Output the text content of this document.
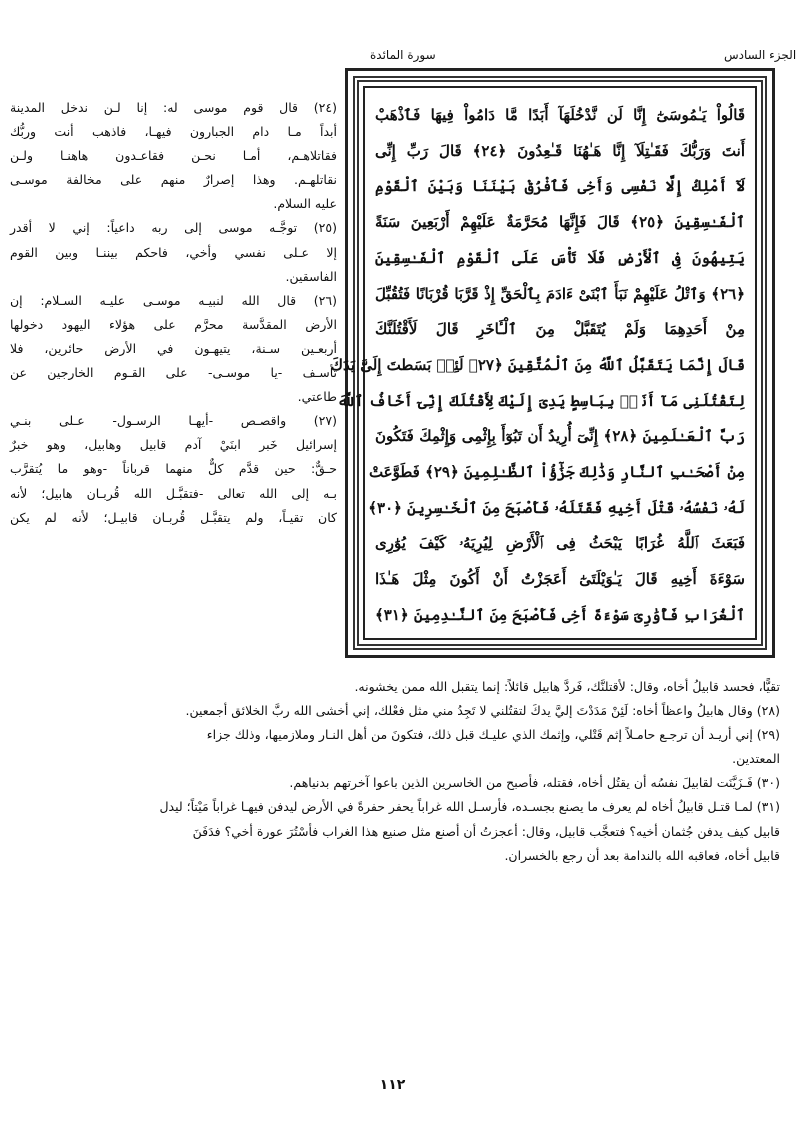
الجزء السادس
سورة المائدة
قَالُواْ يَـٰمُوسَىٰٓ إِنَّا لَن نَّدْخُلَهَآ أَبَدًا مَّا دَامُواْ فِيهَا فَٱذْهَبْ
أَنتَ وَرَبُّكَ فَقَـٰتِلَآ إِنَّا هَـٰهُنَا قَـٰعِدُونَ ﴿٢٤﴾ قَالَ رَبِّ إِنِّى
لَآ أَمْلِكُ إِلَّا نَفْسِى وَأَخِى فَٱفْرُقْ بَيْنَنَا وَبَيْنَ ٱلْقَوْمِ
ٱلْفَـٰسِقِينَ ﴿٢٥﴾ قَالَ فَإِنَّهَا مُحَرَّمَةٌ عَلَيْهِمْ أَرْبَعِينَ سَنَةً
يَتِيهُونَ فِى ٱلْأَرْضِ فَلَا تَأْسَ عَلَى ٱلْقَوْمِ ٱلْفَـٰسِقِينَ
﴿٢٦﴾ وَٱتْلُ عَلَيْهِمْ نَبَأَ ٱبْنَىْ ءَادَمَ بِٱلْحَقِّ إِذْ قَرَّبَا قُرْبَانًا فَتُقُبِّلَ
مِنْ أَحَدِهِمَا وَلَمْ يُتَقَبَّلْ مِنَ ٱلْـَٔاخَرِ قَالَ لَأَقْتُلَنَّكَ
قَالَ إِنَّمَا يَتَقَبَّلُ ٱللَّهُ مِنَ ٱلْمُتَّقِينَ ﴿٢٧﴾ لَئِنۢ بَسَطتَ إِلَىَّ يَدَكَ
لِتَقْتُلَنِى مَآ أَنَا۠ بِبَاسِطٍ يَدِىَ إِلَيْكَ لِأَقْتُلَكَ إِنِّىٓ أَخَافُ ٱللَّهَ
رَبَّ ٱلْعَـٰلَمِينَ ﴿٢٨﴾ إِنِّىٓ أُرِيدُ أَن تَبُوٓأَ بِإِثْمِى وَإِثْمِكَ فَتَكُونَ
مِنْ أَصْحَـٰبِ ٱلنَّارِ وَذَٰلِكَ جَزَٰٓؤُاْ ٱلظَّـٰلِمِينَ ﴿٢٩﴾ فَطَوَّعَتْ
لَهُۥ نَفْسُهُۥ قَتْلَ أَخِيهِ فَقَتَلَهُۥ فَأَصْبَحَ مِنَ ٱلْخَـٰسِرِينَ ﴿٣٠﴾
فَبَعَثَ ٱللَّهُ غُرَابًا يَبْحَثُ فِى ٱلْأَرْضِ لِيُرِيَهُۥ كَيْفَ يُوَٰرِى
سَوْءَةَ أَخِيهِ قَالَ يَـٰوَيْلَتَىٰٓ أَعَجَزْتُ أَنْ أَكُونَ مِثْلَ هَـٰذَا
ٱلْغُرَابِ فَأُوَٰرِىَ سَوْءَةَ أَخِى فَأَصْبَحَ مِنَ ٱلنَّـٰدِمِينَ ﴿٣١﴾
(٢٤) قال قوم موسى له: إنا لـن ندخل المدينة
أبداً مـا دام الجبارون فيهـا، فاذهب أنت وربُّك
فقاتلاهـم، أمـا نحـن فقاعـدون هاهنـا ولـن
نقاتلهـم. وهذا إصرارٌ منهم على مخالفة موسـى
عليه السلام.
(٢٥) توجَّـه موسى إلى ربه داعياً: إني لا أقدر
إلا عـلى نفسي وأخي، فاحكم بيننـا وبين القوم
الفاسقين.
(٢٦) قال الله لنبيـه موسـى عليـه السـلام: إن
الأرض المقدَّسة محرَّم على هؤلاء اليهود دخولها
أربعـين سـنة، يتيهـون في الأرض حائرين، فلا
تأسـف -يا موسـى- على القـوم الخارجين عن
طاعتي.
(٢٧) واقصـص -أيهـا الرسـول- عـلى بنـي
إسرائيل خَبر ابنَيْ آدم قابيل وهابيل، وهو خبرٌ
حـقٌّ: حين قدَّم كلٌّ منهما قرباناً -وهو ما يُتقرَّب
بـه إلى الله تعالى -فتقبَّـل الله قُربـان هابيل؛ لأنه
كان تقيـاً، ولم يتقبَّـل قُربـان قابيـل؛ لأنه لم يكن
تقيًّا، فحسد قابيلُ أخاه، وقال: لأقتلنَّك، فَردَّ هابيل قائلاً: إنما يتقبل الله ممن يخشونه.
(٢٨) وقال هابيلُ واعظاً أخاه: لَئِنْ مَدَدْتَ إليَّ يدكَ لتقتُلني لا تَجِدُ مني مثل فعْلك، إني أخشى الله ربَّ الخلائق أجمعين.
(٢٩) إني أريـد أن ترجـع حامـلاً إثم قَتْلي، وإثمك الذي عليـك قبل ذلك، فتكونَ من أهل النـار وملازميها، وذلك جزاء
المعتدين.
(٣٠) فَـزَيَّنَت لقابيلَ نفسُه أن يقتُل أخاه، فقتله، فأصبح من الخاسرين الذين باعوا آخرتهم بدنياهم.
(٣١) لمـا قتـل قابيلُ أخاه لم يعرف ما يصنع بجسـده، فأرسـل الله غراباً يحفر حفرةً في الأرض ليدفن فيهـا غراباً مَيْتاً؛ ليدل
قابيل كيف يدفن جُثمان أخيه؟ فتعجَّب قابيل، وقال: أعجزتُ أن أصنع مثل صنيع هذا الغراب فأسْتُرَ عورة أخي؟ فدَفَنَ
قابيل أخاه، فعاقبه الله بالندامة بعد أن رجع بالخسران.
١١٢
